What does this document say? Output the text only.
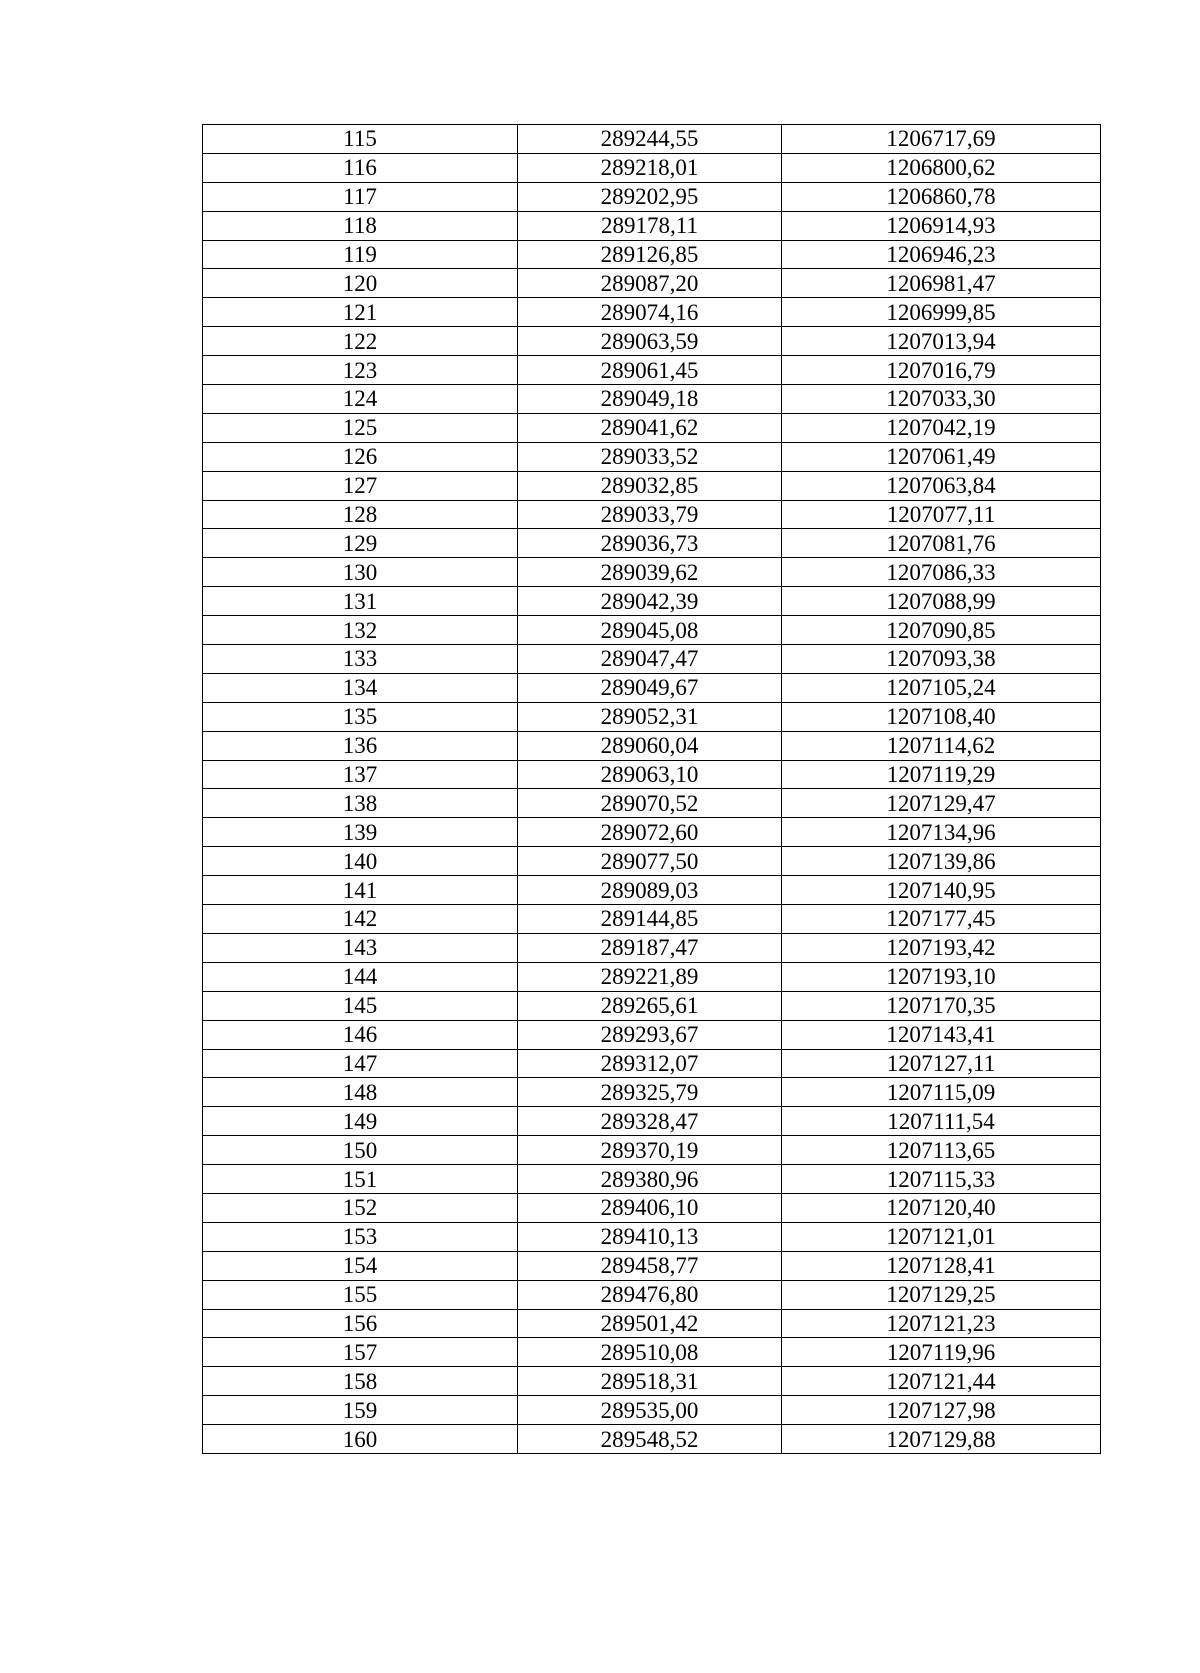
115	289244,55	1206717,69
116	289218,01	1206800,62
117	289202,95	1206860,78
118	289178,11	1206914,93
119	289126,85	1206946,23
120	289087,20	1206981,47
121	289074,16	1206999,85
122	289063,59	1207013,94
123	289061,45	1207016,79
124	289049,18	1207033,30
125	289041,62	1207042,19
126	289033,52	1207061,49
127	289032,85	1207063,84
128	289033,79	1207077,11
129	289036,73	1207081,76
130	289039,62	1207086,33
131	289042,39	1207088,99
132	289045,08	1207090,85
133	289047,47	1207093,38
134	289049,67	1207105,24
135	289052,31	1207108,40
136	289060,04	1207114,62
137	289063,10	1207119,29
138	289070,52	1207129,47
139	289072,60	1207134,96
140	289077,50	1207139,86
141	289089,03	1207140,95
142	289144,85	1207177,45
143	289187,47	1207193,42
144	289221,89	1207193,10
145	289265,61	1207170,35
146	289293,67	1207143,41
147	289312,07	1207127,11
148	289325,79	1207115,09
149	289328,47	1207111,54
150	289370,19	1207113,65
151	289380,96	1207115,33
152	289406,10	1207120,40
153	289410,13	1207121,01
154	289458,77	1207128,41
155	289476,80	1207129,25
156	289501,42	1207121,23
157	289510,08	1207119,96
158	289518,31	1207121,44
159	289535,00	1207127,98
160	289548,52	1207129,88
